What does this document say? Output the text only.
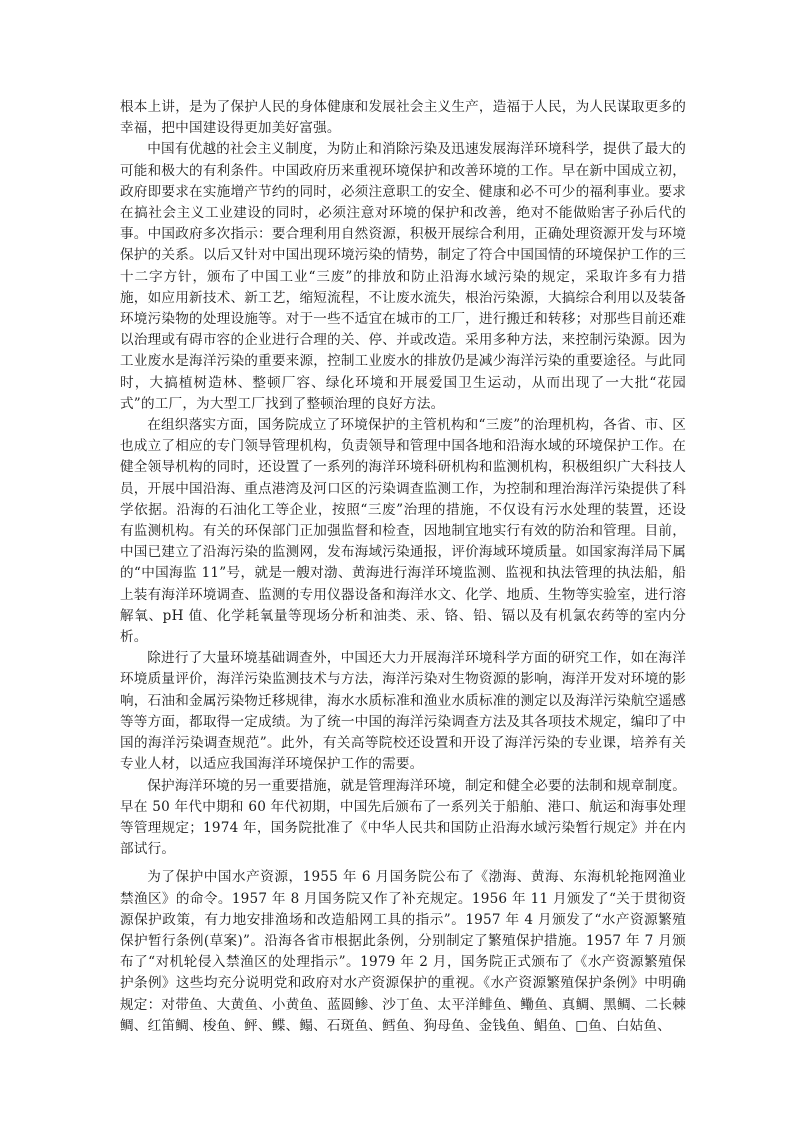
根本上讲，是为了保护人民的身体健康和发展社会主义生产，造福于人民，为人民谋取更多的幸福，把中国建设得更加美好富强。

中国有优越的社会主义制度，为防止和消除污染及迅速发展海洋环境科学，提供了最大的可能和极大的有利条件。中国政府历来重视环境保护和改善环境的工作。早在新中国成立初，政府即要求在实施增产节约的同时，必须注意职工的安全、健康和必不可少的福利事业。要求在搞社会主义工业建设的同时，必须注意对环境的保护和改善，绝对不能做贻害子孙后代的事。中国政府多次指示：要合理利用自然资源，积极开展综合利用，正确处理资源开发与环境保护的关系。以后又针对中国出现环境污染的情势，制定了符合中国国情的环境保护工作的三十二字方针，颁布了中国工业“三废”的排放和防止沿海水域污染的规定，采取许多有力措施，如应用新技术、新工艺，缩短流程，不让废水流失，根治污染源，大搞综合利用以及装备环境污染物的处理设施等。对于一些不适宜在城市的工厂，进行搬迁和转移；对那些目前还难以治理或有碍市容的企业进行合理的关、停、并或改造。采用多种方法，来控制污染源。因为工业废水是海洋污染的重要来源，控制工业废水的排放仍是减少海洋污染的重要途径。与此同时，大搞植树造林、整顿厂容、绿化环境和开展爱国卫生运动，从而出现了一大批“花园式”的工厂，为大型工厂找到了整顿治理的良好方法。

在组织落实方面，国务院成立了环境保护的主管机构和“三废”的治理机构，各省、市、区也成立了相应的专门领导管理机构，负责领导和管理中国各地和沿海水域的环境保护工作。在健全领导机构的同时，还设置了一系列的海洋环境科研机构和监测机构，积极组织广大科技人员，开展中国沿海、重点港湾及河口区的污染调查监测工作，为控制和理治海洋污染提供了科学依据。沿海的石油化工等企业，按照“三废”治理的措施，不仅设有污水处理的装置，还设有监测机构。有关的环保部门正加强监督和检查，因地制宜地实行有效的防治和管理。目前，中国已建立了沿海污染的监测网，发布海域污染通报，评价海域环境质量。如国家海洋局下属的“中国海监 11”号，就是一艘对渤、黄海进行海洋环境监测、监视和执法管理的执法船，船上装有海洋环境调查、监测的专用仪器设备和海洋水文、化学、地质、生物等实验室，进行溶解氧、pH 值、化学耗氧量等现场分析和油类、汞、铬、铅、镉以及有机氯农药等的室内分析。

除进行了大量环境基础调查外，中国还大力开展海洋环境科学方面的研究工作，如在海洋环境质量评价，海洋污染监测技术与方法，海洋污染对生物资源的影响，海洋开发对环境的影响，石油和金属污染物迁移规律，海水水质标准和渔业水质标准的测定以及海洋污染航空遥感等等方面，都取得一定成绩。为了统一中国的海洋污染调查方法及其各项技术规定，编印了中国的海洋污染调查规范”。此外，有关高等院校还设置和开设了海洋污染的专业课，培养有关专业人材，以适应我国海洋环境保护工作的需要。

保护海洋环境的另一重要措施，就是管理海洋环境，制定和健全必要的法制和规章制度。早在 50 年代中期和 60 年代初期，中国先后颁布了一系列关于船舶、港口、航运和海事处理等管理规定；1974 年，国务院批准了《中华人民共和国防止沿海水域污染暂行规定》并在内部试行。

为了保护中国水产资源，1955 年 6 月国务院公布了《渤海、黄海、东海机轮拖网渔业禁渔区》的命令。1957 年 8 月国务院又作了补充规定。1956 年 11 月颁发了“关于贯彻资源保护政策，有力地安排渔场和改造船网工具的指示”。1957 年 4 月颁发了“水产资源繁殖保护暂行条例(草案)”。沿海各省市根据此条例，分别制定了繁殖保护措施。1957 年 7 月颁布了“对机轮侵入禁渔区的处理指示”。1979 年 2 月，国务院正式颁布了《水产资源繁殖保护条例》这些均充分说明党和政府对水产资源保护的重视。《水产资源繁殖保护条例》中明确规定：对带鱼、大黄鱼、小黄鱼、蓝圆鲹、沙丁鱼、太平洋鲱鱼、鳓鱼、真鲷、黑鲷、二长棘鲷、红笛鲷、梭鱼、鲆、鲽、鳎、石斑鱼、鳕鱼、狗母鱼、金钱鱼、鲳鱼、□鱼、白姑鱼、
